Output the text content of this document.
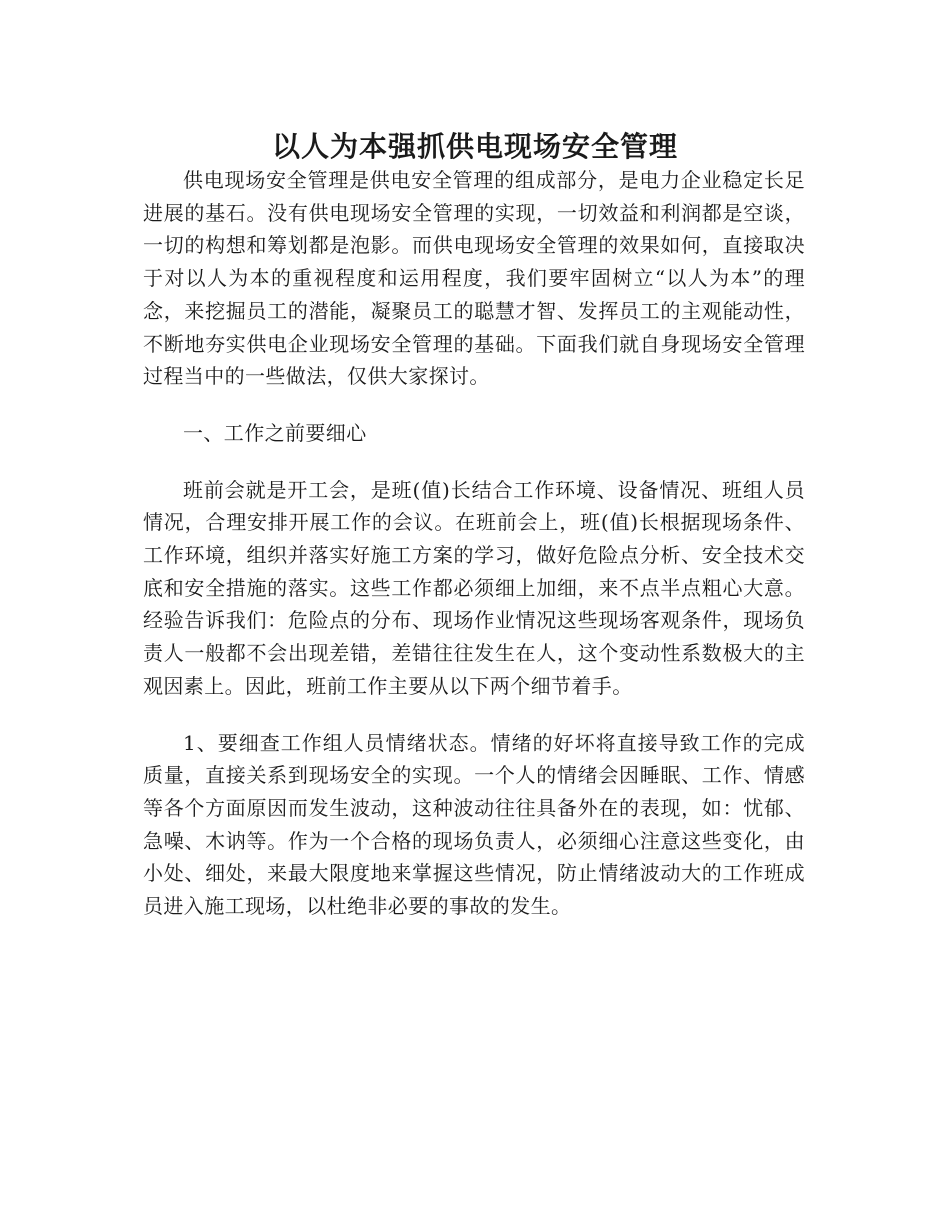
以人为本强抓供电现场安全管理

供电现场安全管理是供电安全管理的组成部分，是电力企业稳定长足进展的基石。没有供电现场安全管理的实现，一切效益和利润都是空谈，一切的构想和筹划都是泡影。而供电现场安全管理的效果如何，直接取决于对以人为本的重视程度和运用程度，我们要牢固树立“以人为本”的理念，来挖掘员工的潜能，凝聚员工的聪慧才智、发挥员工的主观能动性，不断地夯实供电企业现场安全管理的基础。下面我们就自身现场安全管理过程当中的一些做法，仅供大家探讨。

一、工作之前要细心

班前会就是开工会，是班(值)长结合工作环境、设备情况、班组人员情况，合理安排开展工作的会议。在班前会上，班(值)长根据现场条件、工作环境，组织并落实好施工方案的学习，做好危险点分析、安全技术交底和安全措施的落实。这些工作都必须细上加细，来不点半点粗心大意。经验告诉我们：危险点的分布、现场作业情况这些现场客观条件，现场负责人一般都不会出现差错，差错往往发生在人，这个变动性系数极大的主观因素上。因此，班前工作主要从以下两个细节着手。

1、要细查工作组人员情绪状态。情绪的好坏将直接导致工作的完成质量，直接关系到现场安全的实现。一个人的情绪会因睡眠、工作、情感等各个方面原因而发生波动，这种波动往往具备外在的表现，如：忧郁、急噪、木讷等。作为一个合格的现场负责人，必须细心注意这些变化，由小处、细处，来最大限度地来掌握这些情况，防止情绪波动大的工作班成员进入施工现场，以杜绝非必要的事故的发生。
